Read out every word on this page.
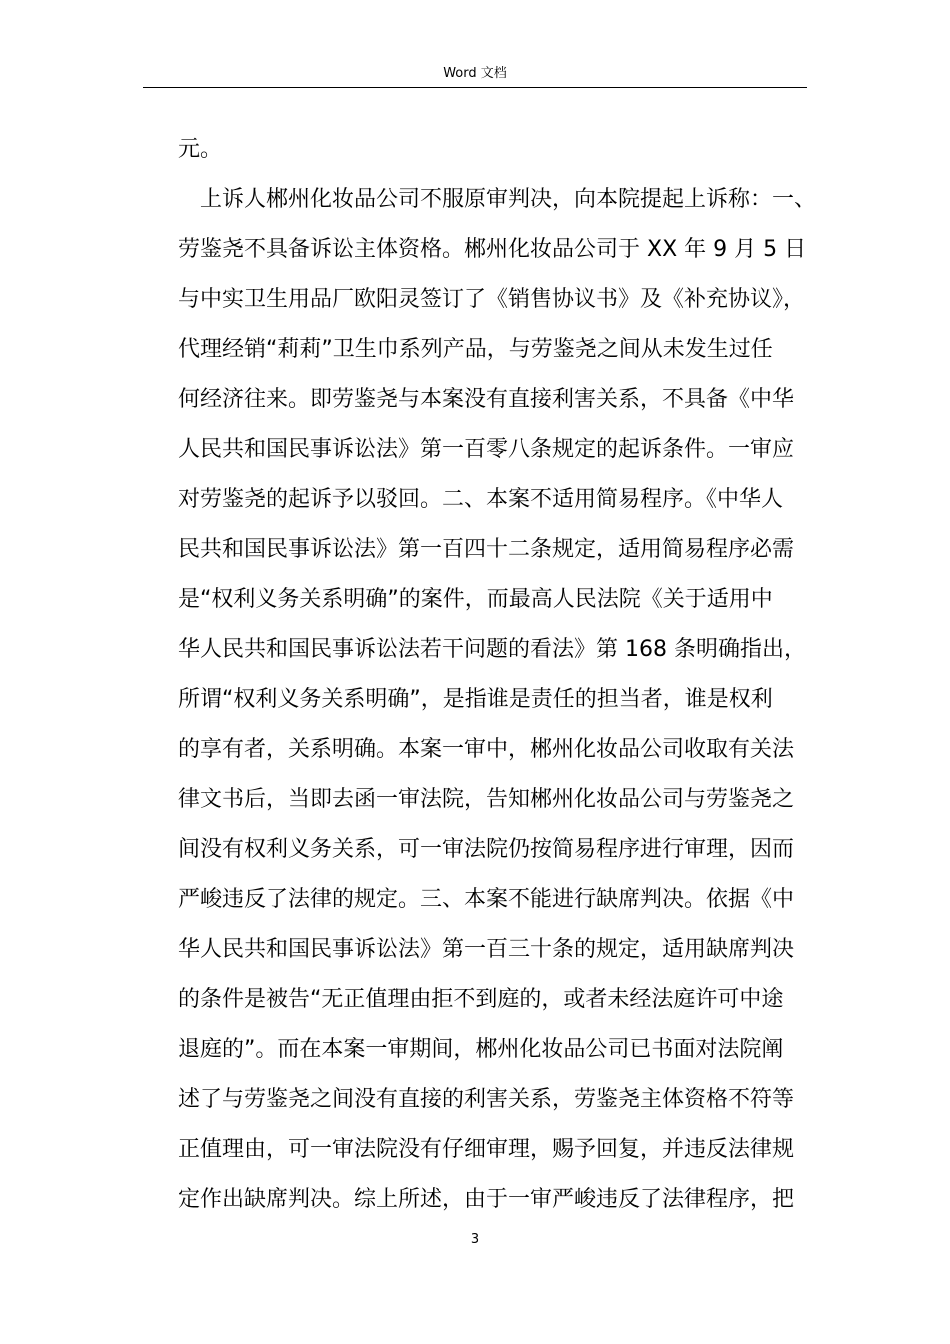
Word 文档
元。
上诉人郴州化妆品公司不服原审判决，向本院提起上诉称：一、
劳鉴尧不具备诉讼主体资格。郴州化妆品公司于 XX 年 9 月 5 日
与中实卫生用品厂欧阳灵签订了《销售协议书》及《补充协议》，
代理经销“莉莉”卫生巾系列产品，与劳鉴尧之间从未发生过任
何经济往来。即劳鉴尧与本案没有直接利害关系，不具备《中华
人民共和国民事诉讼法》第一百零八条规定的起诉条件。一审应
对劳鉴尧的起诉予以驳回。二、本案不适用简易程序。《中华人
民共和国民事诉讼法》第一百四十二条规定，适用简易程序必需
是“权利义务关系明确”的案件，而最高人民法院《关于适用中
华人民共和国民事诉讼法若干问题的看法》第 168 条明确指出，
所谓“权利义务关系明确”，是指谁是责任的担当者，谁是权利
的享有者，关系明确。本案一审中，郴州化妆品公司收取有关法
律文书后，当即去函一审法院，告知郴州化妆品公司与劳鉴尧之
间没有权利义务关系，可一审法院仍按简易程序进行审理，因而
严峻违反了法律的规定。三、本案不能进行缺席判决。依据《中
华人民共和国民事诉讼法》第一百三十条的规定，适用缺席判决
的条件是被告“无正值理由拒不到庭的，或者未经法庭许可中途
退庭的”。而在本案一审期间，郴州化妆品公司已书面对法院阐
述了与劳鉴尧之间没有直接的利害关系，劳鉴尧主体资格不符等
正值理由，可一审法院没有仔细审理，赐予回复，并违反法律规
定作出缺席判决。综上所述，由于一审严峻违反了法律程序，把
3
